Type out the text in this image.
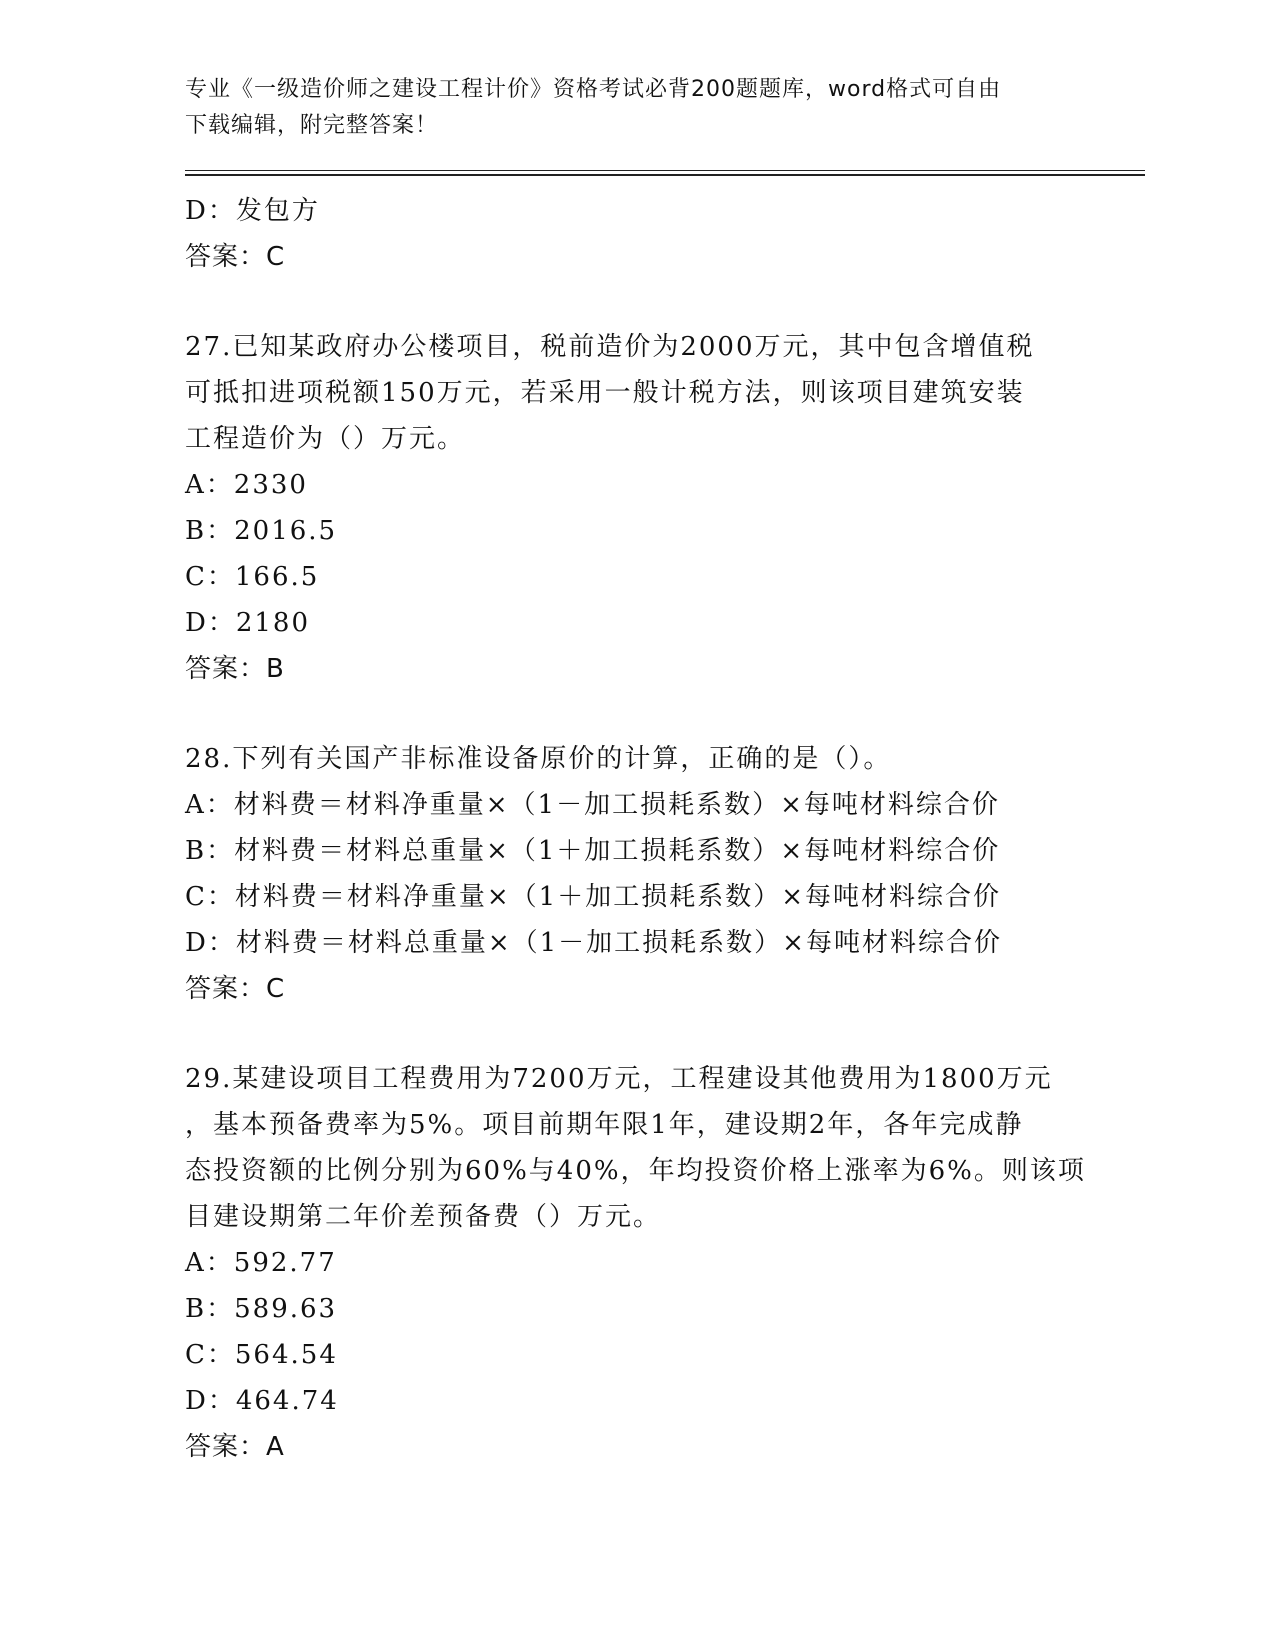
专业《一级造价师之建设工程计价》资格考试必背200题题库，word格式可自由
下载编辑，附完整答案！
D：发包方
答案：C
27.已知某政府办公楼项目，税前造价为2000万元，其中包含增值税
可抵扣进项税额150万元，若采用一般计税方法，则该项目建筑安装
工程造价为（）万元。
A：2330
B：2016.5
C：166.5
D：2180
答案：B
28.下列有关国产非标准设备原价的计算，正确的是（）。
A：材料费＝材料净重量×（1－加工损耗系数）×每吨材料综合价
B：材料费＝材料总重量×（1＋加工损耗系数）×每吨材料综合价
C：材料费＝材料净重量×（1＋加工损耗系数）×每吨材料综合价
D：材料费＝材料总重量×（1－加工损耗系数）×每吨材料综合价
答案：C
29.某建设项目工程费用为7200万元，工程建设其他费用为1800万元
，基本预备费率为5%。项目前期年限1年，建设期2年，各年完成静
态投资额的比例分别为60%与40%，年均投资价格上涨率为6%。则该项
目建设期第二年价差预备费（）万元。
A：592.77
B：589.63
C：564.54
D：464.74
答案：A
